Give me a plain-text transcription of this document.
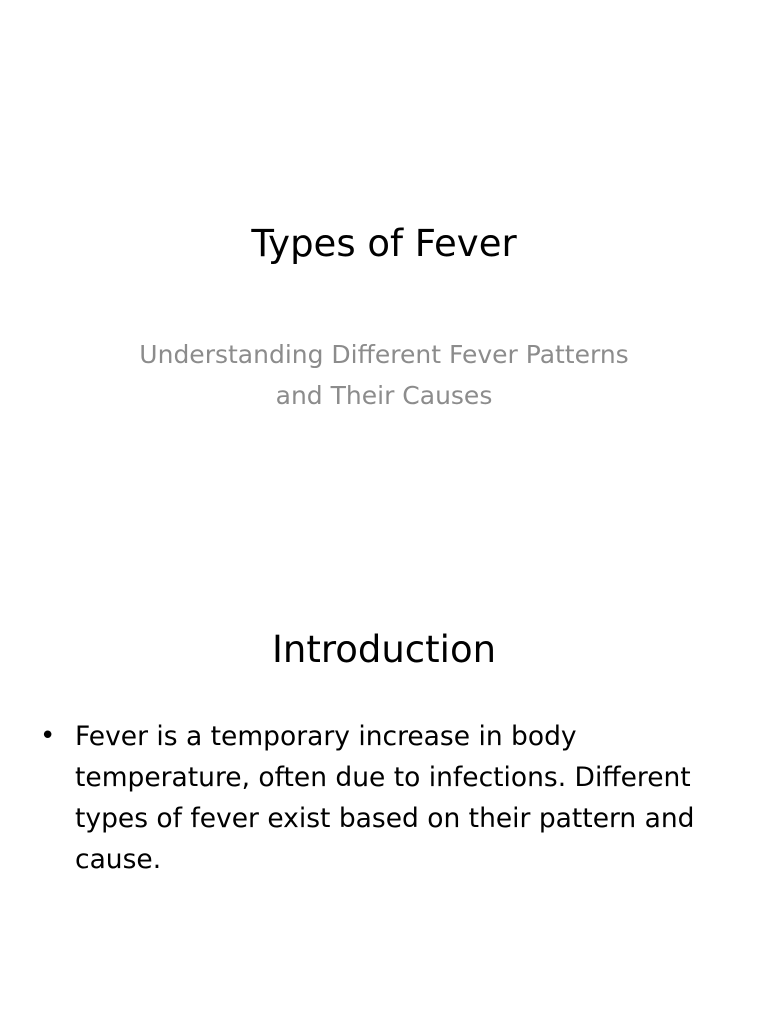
Types of Fever
Understanding Different Fever Patterns and Their Causes
Introduction
• Fever is a temporary increase in body temperature, often due to infections. Different types of fever exist based on their pattern and cause.
